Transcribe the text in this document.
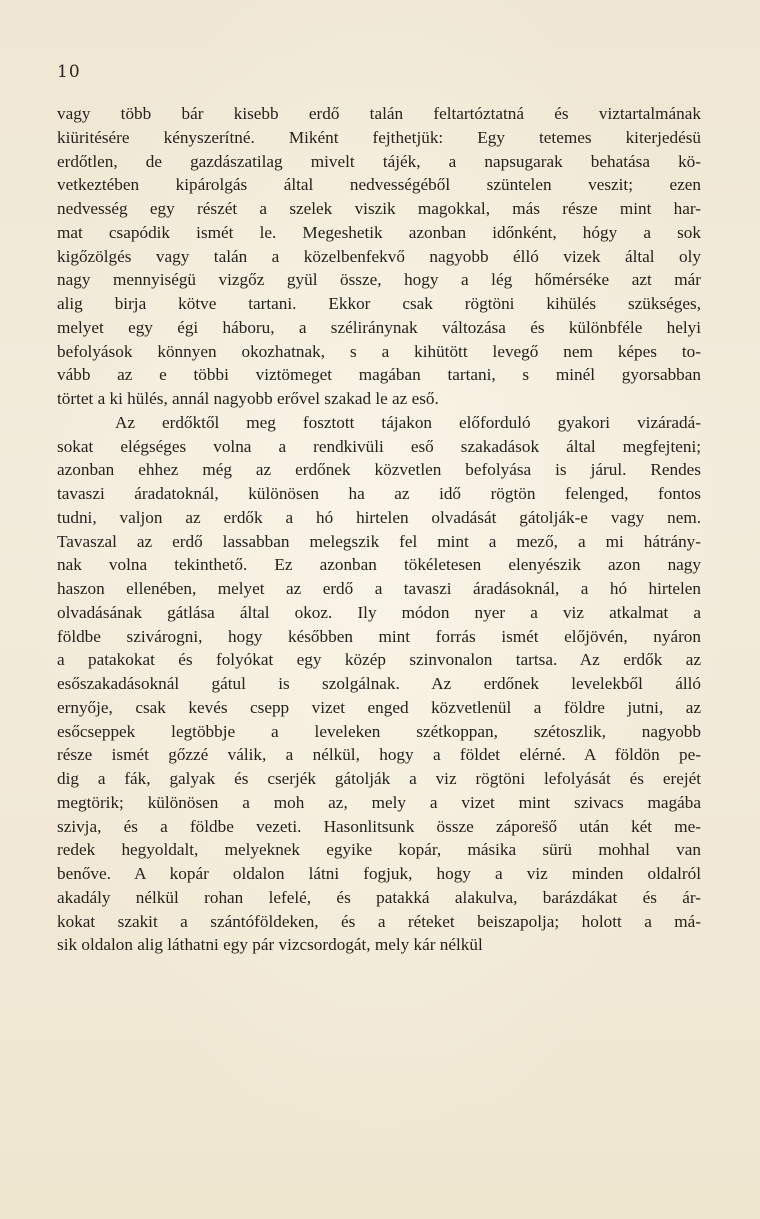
10
vagy több bár kisebb erdő talán feltartóztatná és viztartalmának
kiüritésére kényszerítné. Miként fejthetjük: Egy tetemes kiterjedésü
erdőtlen, de gazdászatilag mivelt tájék, a napsugarak behatása kö-
vetkeztében kipárolgás által nedvességéből szüntelen veszit; ezen
nedvesség egy részét a szelek viszik magokkal, más része mint har-
mat csapódik ismét le. Megeshetik azonban időnként, hógy a sok
kigőzölgés vagy talán a közelbenfekvő nagyobb élló vizek által oly
nagy mennyiségü vizgőz gyül össze, hogy a lég hőmérséke azt már
alig birja kötve tartani. Ekkor csak rögtöni kihülés szükséges,
melyet egy égi háboru, a széliránynak változása és különbféle helyi
befolyások könnyen okozhatnak, s a kihütött levegő nem képes to-
vább az e többi viztömeget magában tartani, s minél gyorsabban
törtet a ki hülés, annál nagyobb erővel szakad le az eső.
Az erdőktől meg fosztott tájakon előforduló gyakori vizáradá-
sokat elégséges volna a rendkivüli eső szakadások által megfejteni;
azonban ehhez még az erdőnek közvetlen befolyása is járul. Rendes
tavaszi áradatoknál, különösen ha az idő rögtön felenged, fontos
tudni, valjon az erdők a hó hirtelen olvadását gátolják-e vagy nem.
Tavaszal az erdő lassabban melegszik fel mint a mező, a mi hátrány-
nak volna tekinthető. Ez azonban tökéletesen elenyészik azon nagy
haszon ellenében, melyet az erdő a tavaszi áradásoknál, a hó hirtelen
olvadásának gátlása által okoz. Ily módon nyer a viz atkalmat a
földbe szivárogni, hogy későbben mint forrás ismét előjövén, nyáron
a patakokat és folyókat egy közép szinvonalon tartsa. Az erdők az
esőszakadásoknál gátul is szolgálnak. Az erdőnek levelekből álló
ernyője, csak kevés csepp vizet enged közvetlenül a földre jutni, az
esőcseppek legtöbbje a leveleken szétkoppan, szétoszlik, nagyobb
része ismét gőzzé válik, a nélkül, hogy a földet elérné. A földön pe-
dig a fák, galyak és cserjék gátolják a viz rögtöni lefolyását és erejét
megtörik; különösen a moh az, mely a vizet mint szivacs magába
szivja, és a földbe vezeti. Hasonlitsunk össze zápores̈ő után két me-
redek hegyoldalt, melyeknek egyike kopár, másika sürü mohhal van
benőve. A kopár oldalon látni fogjuk, hogy a viz minden oldalról
akadály nélkül rohan lefelé, és patakká alakulva, barázdákat és ár-
kokat szakit a szántóföldeken, és a réteket beiszapolja; holott a má-
sik oldalon alig láthatni egy pár vizcsordogát, mely kár nélkül
